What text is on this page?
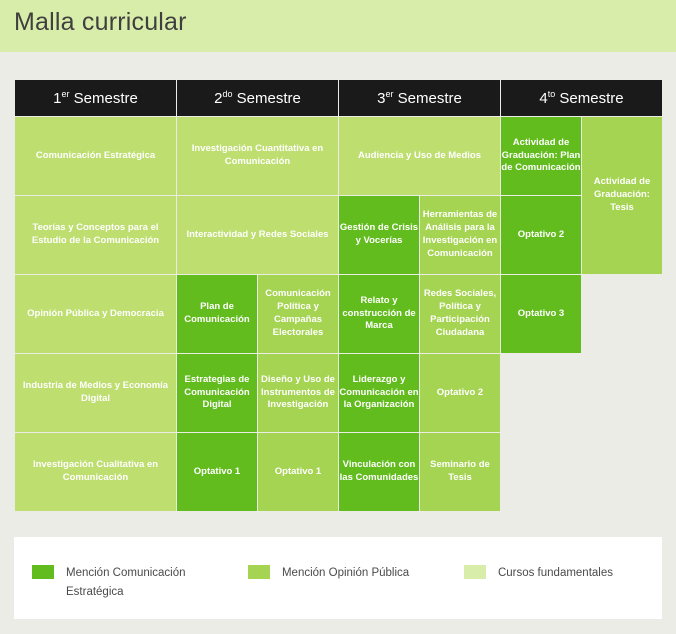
Malla curricular
1er Semestre	$2^{do}$ Semestre		3er Semestre		$4^{to}$ Semestre	
Comunicación Estratégica	Investigación Cuantitativa en Comunicación		Audiencia y Uso de Medios		Actividad de Graduación: Plan de Comunicación	Actividad de Graduación: Tesis
Teorías y Conceptos para el Estudio de la Comunicación	Interactividad y Redes Sociales		Gestión de Crisis y Vocerías	Herramientas de Análisis para la Investigación en Comunicación	Optativo 2	
Opinión Pública y Democracia	Plan de Comunicación	Comunicación Política y Campañas Electorales	Relato y construcción de Marca	Redes Sociales, Política y Participación Ciudadana	Optativo 3	
Industria de Medios y Economía Digital	Estrategias de Comunicación Digital	Diseño y Uso de Instrumentos de Investigación	Liderazgo y Comunicación en la Organización	Optativo 2		
Investigación Cualitativa en Comunicación	Optativo 1	Optativo 1	Vinculación con las Comunidades	Seminario de Tesis		
Mención Comunicación Estratégica
Mención Opinión Pública	Cursos fundamentales
